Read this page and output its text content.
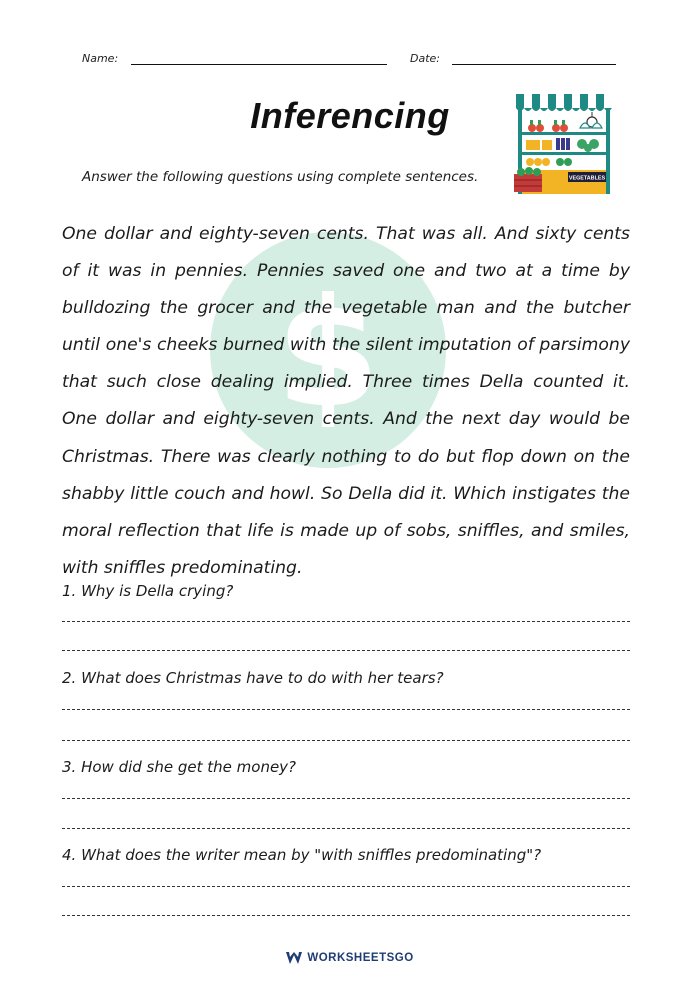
Name:	Date:
Inferencing
VEGETABLES
Answer the following questions using complete sentences.
$
One dollar and eighty-seven cents. That was all. And sixty cents of it was in pennies. Pennies saved one and two at a time by bulldozing the grocer and the vegetable man and the butcher until one's cheeks burned with the silent imputation of parsimony that such close dealing implied. Three times Della counted it. One dollar and eighty-seven cents. And the next day would be Christmas. There was clearly nothing to do but flop down on the shabby little couch and howl. So Della did it. Which instigates the moral reflection that life is made up of sobs, sniffles, and smiles, with sniffles predominating.
1. Why is Della crying?
2. What does Christmas have to do with her tears?
3. How did she get the money?
4. What does the writer mean by "with sniffles predominating"?
WORKSHEETSGO
